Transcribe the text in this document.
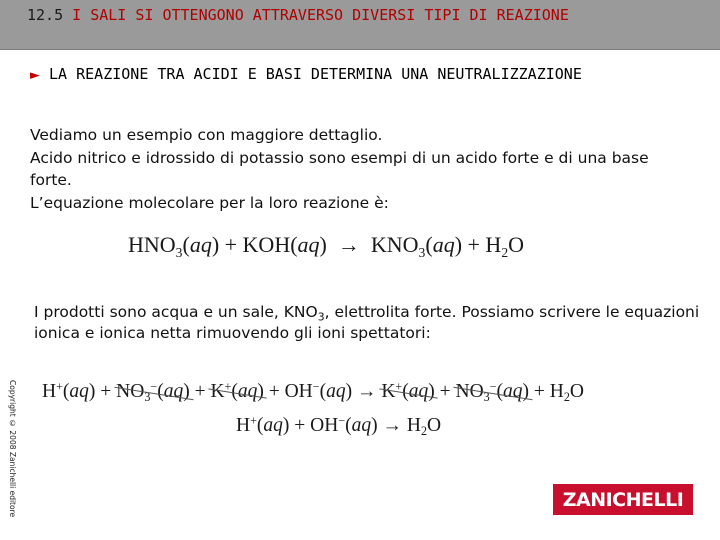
12.5 I SALI SI OTTENGONO ATTRAVERSO DIVERSI TIPI DI REAZIONE
► LA REAZIONE TRA ACIDI E BASI DETERMINA UNA NEUTRALIZZAZIONE

Vediamo un esempio con maggiore dettaglio.

Acido nitrico e idrossido di potassio sono esempi di un acido forte e di una base forte.

L’equazione molecolare per la loro reazione è:

$HNO_3(aq) + KOH(aq) \to KNO_3(aq) + H_2O$
I prodotti sono acqua e un sale, $KNO_3$, elettrolita forte. Possiamo scrivere le equazioni ionica e ionica netta rimuovendo gli ioni spettatori:
$H^+(aq) + NO_3^-(aq) + K^+(aq) + OH^-(aq) \to K^+(aq) + NO_3^-(aq) + H_2O$
$H^+(aq) + OH^-(aq) \to H_2O$
Copyright © 2008 Zanichelli editore	ZANICHELLI
